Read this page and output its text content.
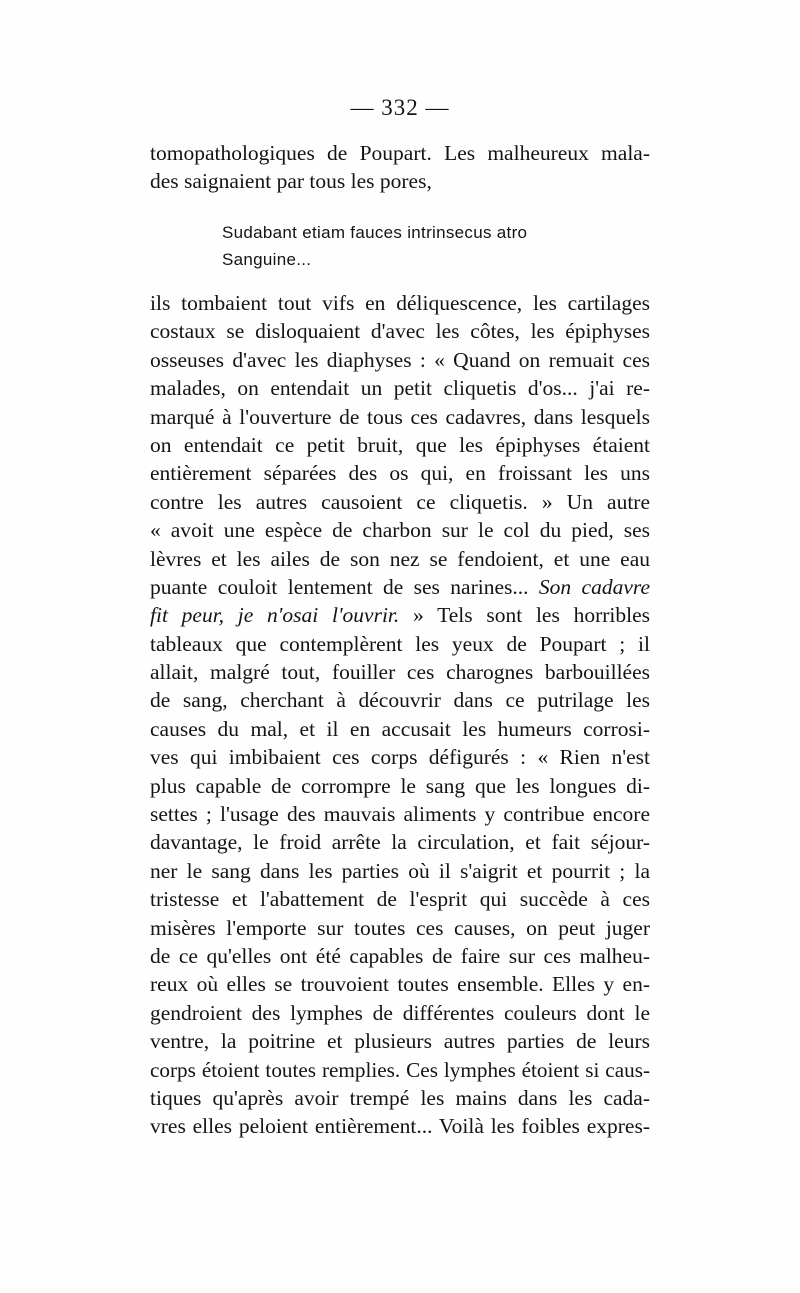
— 332 —
tomopathologiques de Poupart. Les malheureux mala-
des saignaient par tous les pores,
Sudabant etiam fauces intrinsecus atro
Sanguine...
ils tombaient tout vifs en déliquescence, les cartilages
costaux se disloquaient d'avec les côtes, les épiphyses
osseuses d'avec les diaphyses : « Quand on remuait ces
malades, on entendait un petit cliquetis d'os... j'ai re-
marqué à l'ouverture de tous ces cadavres, dans lesquels
on entendait ce petit bruit, que les épiphyses étaient
entièrement séparées des os qui, en froissant les uns
contre les autres causoient ce cliquetis. » Un autre
« avoit une espèce de charbon sur le col du pied, ses
lèvres et les ailes de son nez se fendoient, et une eau
puante couloit lentement de ses narines... Son cadavre
fit peur, je n'osai l'ouvrir. » Tels sont les horribles
tableaux que contemplèrent les yeux de Poupart ; il
allait, malgré tout, fouiller ces charognes barbouillées
de sang, cherchant à découvrir dans ce putrilage les
causes du mal, et il en accusait les humeurs corrosi-
ves qui imbibaient ces corps défigurés : « Rien n'est
plus capable de corrompre le sang que les longues di-
settes ; l'usage des mauvais aliments y contribue encore
davantage, le froid arrête la circulation, et fait séjour-
ner le sang dans les parties où il s'aigrit et pourrit ; la
tristesse et l'abattement de l'esprit qui succède à ces
misères l'emporte sur toutes ces causes, on peut juger
de ce qu'elles ont été capables de faire sur ces malheu-
reux où elles se trouvoient toutes ensemble. Elles y en-
gendroient des lymphes de différentes couleurs dont le
ventre, la poitrine et plusieurs autres parties de leurs
corps étoient toutes remplies. Ces lymphes étoient si caus-
tiques qu'après avoir trempé les mains dans les cada-
vres elles peloient entièrement... Voilà les foibles expres-
